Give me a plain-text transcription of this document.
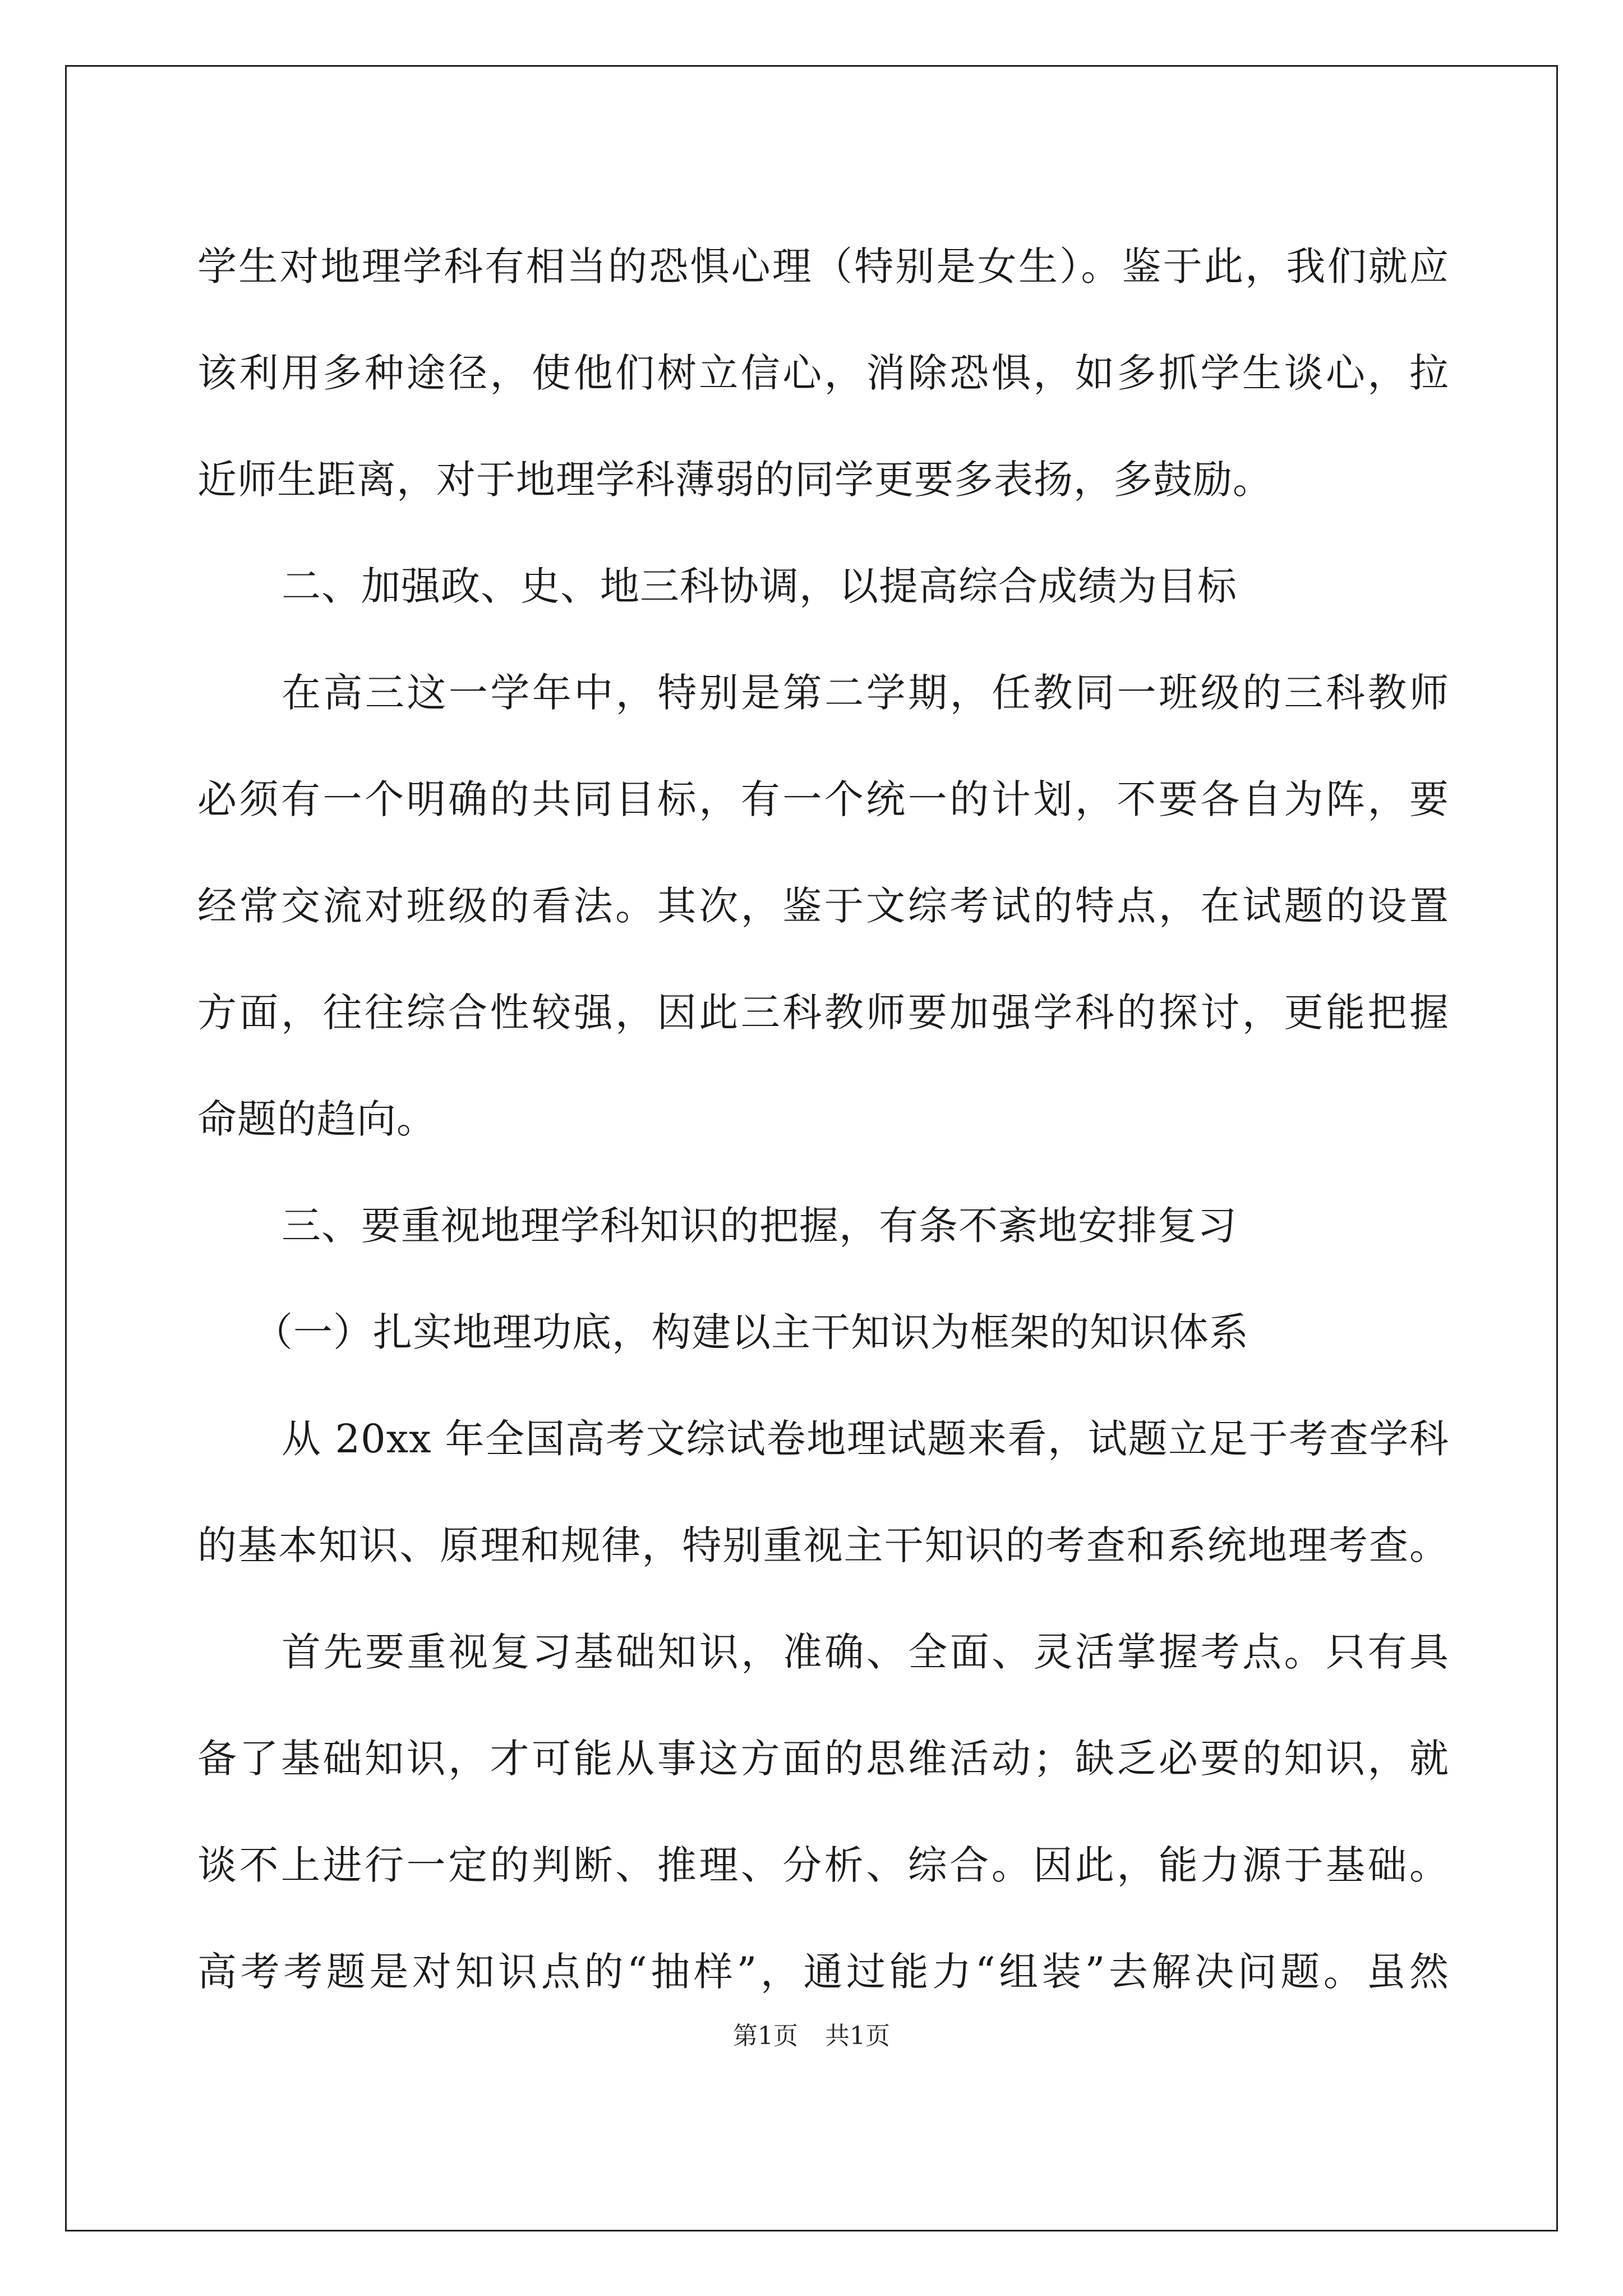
学生对地理学科有相当的恐惧心理（特别是女生）。鉴于此，我们就应
该利用多种途径，使他们树立信心，消除恐惧，如多抓学生谈心，拉
近师生距离，对于地理学科薄弱的同学更要多表扬，多鼓励。
二、加强政、史、地三科协调，以提高综合成绩为目标
在高三这一学年中，特别是第二学期，任教同一班级的三科教师
必须有一个明确的共同目标，有一个统一的计划，不要各自为阵，要
经常交流对班级的看法。其次，鉴于文综考试的特点，在试题的设置
方面，往往综合性较强，因此三科教师要加强学科的探讨，更能把握
命题的趋向。
三、要重视地理学科知识的把握，有条不紊地安排复习
（一）扎实地理功底，构建以主干知识为框架的知识体系
从 20xx 年全国高考文综试卷地理试题来看，试题立足于考查学科
的基本知识、原理和规律，特别重视主干知识的考查和系统地理考查。
首先要重视复习基础知识，准确、全面、灵活掌握考点。只有具
备了基础知识，才可能从事这方面的思维活动；缺乏必要的知识，就
谈不上进行一定的判断、推理、分析、综合。因此，能力源于基础。
高考考题是对知识点的“抽样”，通过能力“组装”去解决问题。虽然
第1页 共1页
